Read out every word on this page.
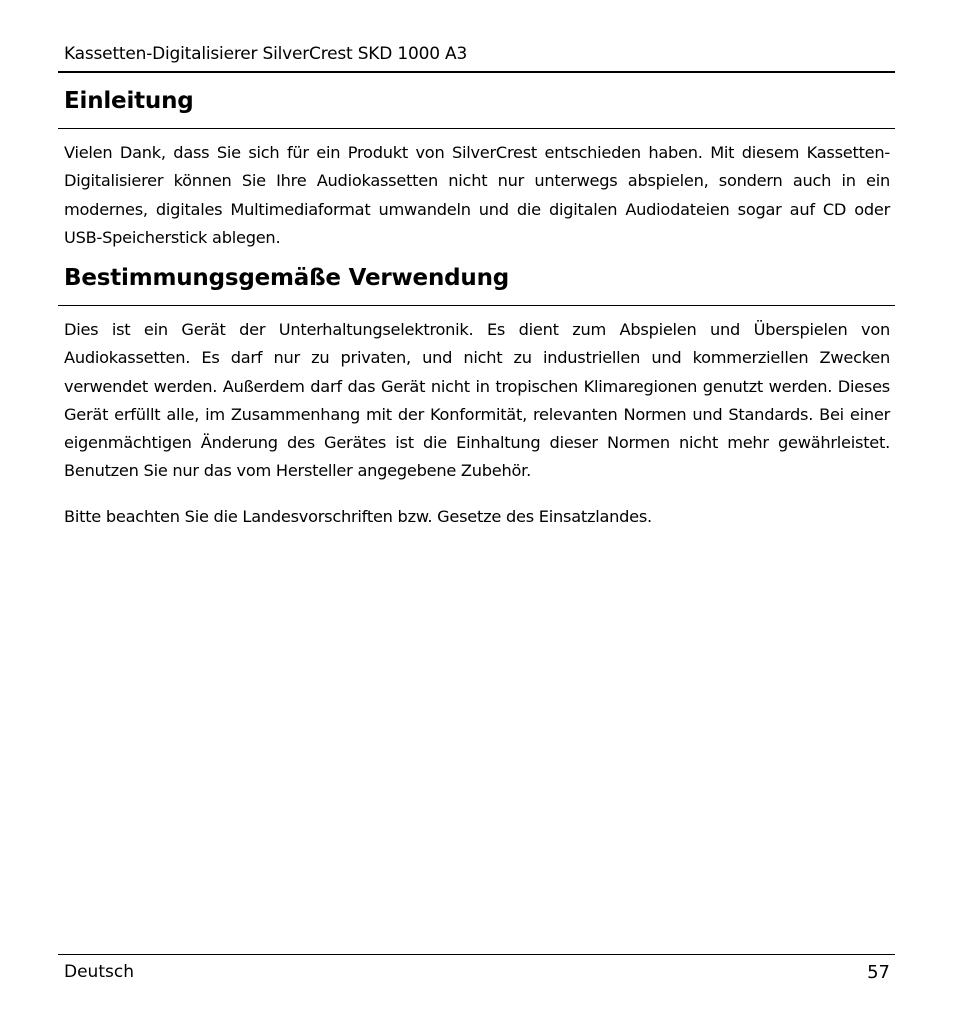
Kassetten-Digitalisierer SilverCrest SKD 1000 A3
Einleitung

Vielen Dank, dass Sie sich für ein Produkt von SilverCrest entschieden haben. Mit diesem Kassetten-Digitalisierer können Sie Ihre Audiokassetten nicht nur unterwegs abspielen, sondern auch in ein modernes, digitales Multimediaformat umwandeln und die digitalen Audiodateien sogar auf CD oder USB-Speicherstick ablegen.

Bestimmungsgemäße Verwendung

Dies ist ein Gerät der Unterhaltungselektronik. Es dient zum Abspielen und Überspielen von Audiokassetten. Es darf nur zu privaten, und nicht zu industriellen und kommerziellen Zwecken verwendet werden. Außerdem darf das Gerät nicht in tropischen Klimaregionen genutzt werden. Dieses Gerät erfüllt alle, im Zusammenhang mit der Konformität, relevanten Normen und Standards. Bei einer eigenmächtigen Änderung des Gerätes ist die Einhaltung dieser Normen nicht mehr gewährleistet. Benutzen Sie nur das vom Hersteller angegebene Zubehör.

Bitte beachten Sie die Landesvorschriften bzw. Gesetze des Einsatzlandes.

Deutsch	57
